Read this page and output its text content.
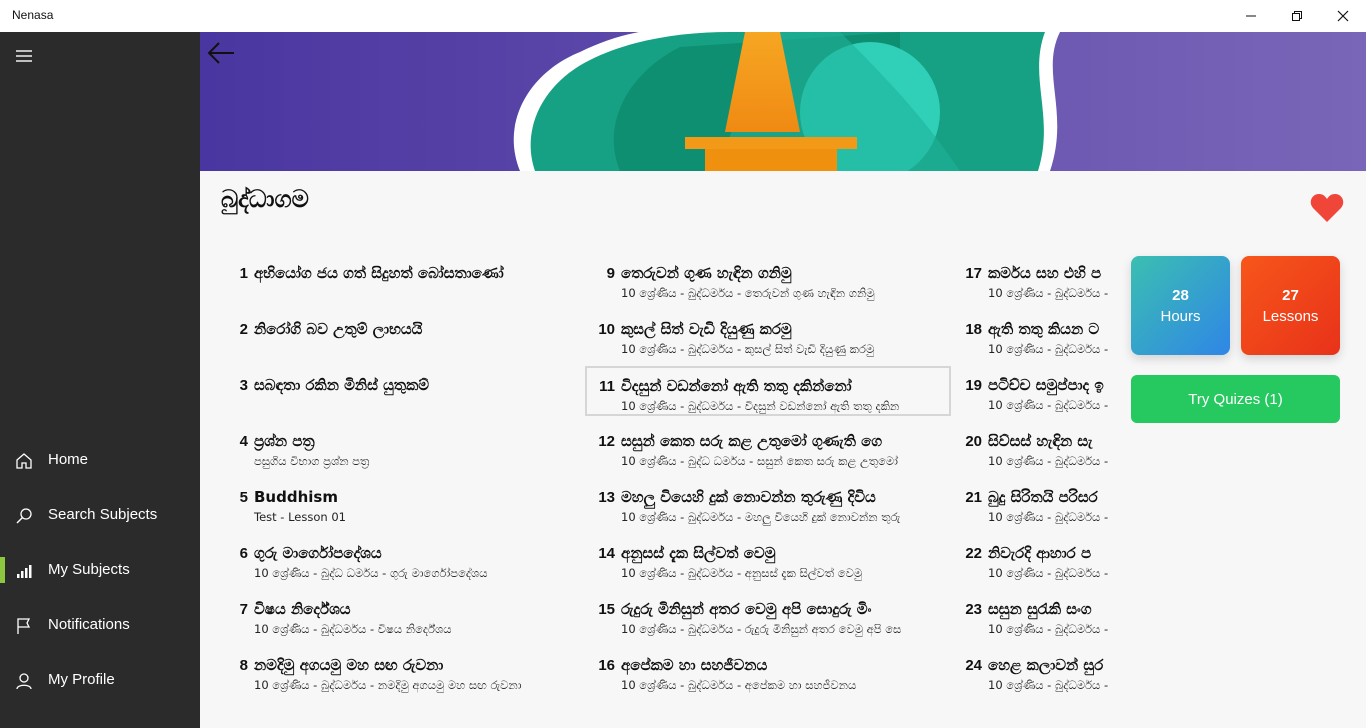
Nenasa
Home
Search Subjects
My Subjects
Notifications
My Profile
බුද්ධාගම
1 අභියෝග ජය ගත් සිදුහත් බෝසතාණෝ
2 නිරෝගි බව උතුම් ලාභයයි
3 සබඳතා රකින මිනිස් යුතුකම්
4 ප්‍රශ්න පත්‍ර
පසුගිය විභාග ප්‍රශ්න පත්‍ර
5 Buddhism
Test - Lesson 01
6 ගුරු මාර්ගෝපදේශය
10 ශ්‍රේණිය - බුද්ධ ධර්මය - ගුරු මාර්ගෝපදේශය
7 විෂය නිර්දේශය
10 ශ්‍රේණිය - බුද්ධර්මය - විෂය නිර්දේශය
8 නමදිමු අගයමු මහ සඟ රුවනා
10 ශ්‍රේණිය - බුද්ධර්මය - නමදිමු අගයමු මහ සඟ රුවනා
9 තෙරුවන් ගුණ හැඳින ගනිමු
10 ශ්‍රේණිය - බුද්ධර්මය - තෙරුවන් ගුණ හැඳින ගනිමු
10 කුසල් සිත් වැඩි දියුණු කරමු
10 ශ්‍රේණිය - බුද්ධර්මය - කුසල් සිත් වැඩි දියුණු කරමු
11 විදසුන් වඩන්නෝ ඇති තතු දකින්නෝ
10 ශ්‍රේණිය - බුද්ධර්මය - විදසුන් වඩන්නෝ ඇති තතු දකින
12 සසුන් කෙත සරු කළ උතුමෝ ගුණැති ගෙ
10 ශ්‍රේණිය - බුද්ධ ධර්මය - සසුන් කෙත සරු කළ උතුමෝ
13 මහලු වියෙහි දුක් නොවන්න තුරුණු දිවිය
10 ශ්‍රේණිය - බුද්ධර්මය - මහලු වියෙහි දුක් නොවන්න තුරු
14 අනුසස් දැක සිල්වත් වෙමු
10 ශ්‍රේණිය - බුද්ධර්මය - අනුසස් දැක සිල්වත් වෙමු
15 රුදුරු මිනිසුන් අතර වෙමු අපි සොදුරු මිං
10 ශ්‍රේණිය - බුද්ධර්මය - රුදුරු මිනිසුන් අතර වෙමු අපි සෙ
16 අපේකම හා සහජීවනය
10 ශ්‍රේණිය - බුද්ධර්මය - අපේකම හා සහජීවනය
17 කර්මය සහ එහි ප
10 ශ්‍රේණිය - බුද්ධර්මය -
18 ඇති තතු කියන ට
10 ශ්‍රේණිය - බුද්ධර්මය -
19 පටිච්ච සමුප්පාද ඉ
10 ශ්‍රේණිය - බුද්ධර්මය -
20 සිව්සස් හැඳින සැ
10 ශ්‍රේණිය - බුද්ධර්මය -
21 බුදු සිරිතයි පරිසර
10 ශ්‍රේණිය - බුද්ධර්මය -
22 නිවැරදි ආහාර ප
10 ශ්‍රේණිය - බුද්ධර්මය -
23 සසුන සුරැකි සංග
10 ශ්‍රේණිය - බුද්ධර්මය -
24 හෙළ කලාවන් සුර
10 ශ්‍රේණිය - බුද්ධර්මය -
28
Hours
27
Lessons
Try Quizes (1)
